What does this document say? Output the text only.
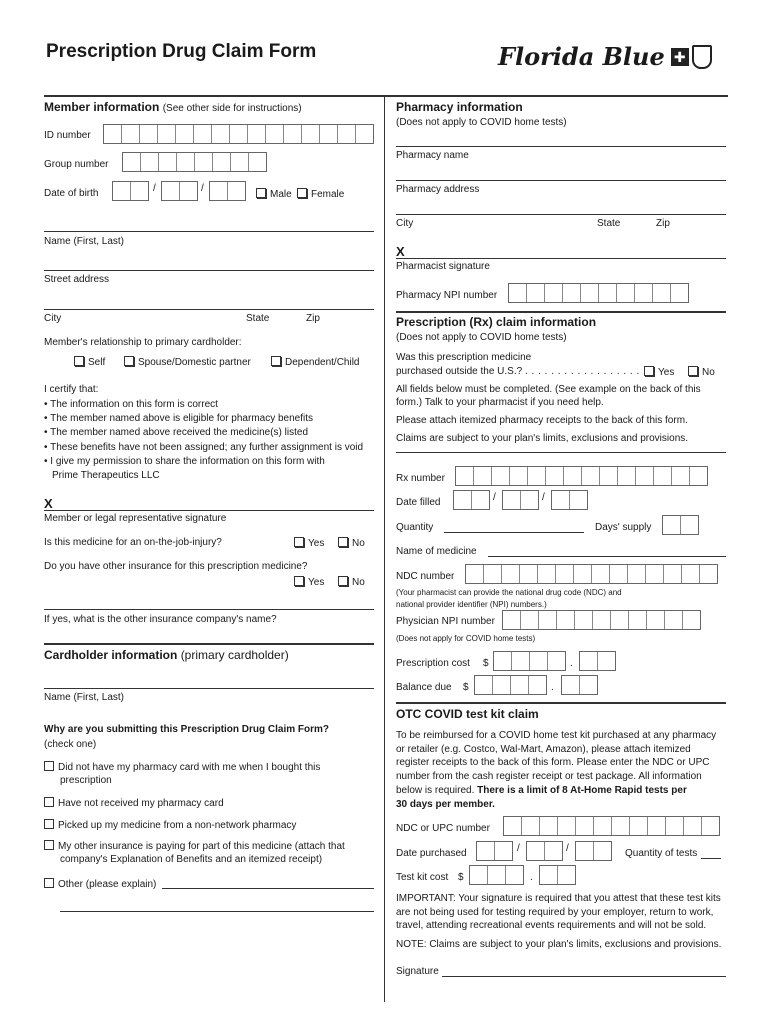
Prescription Drug Claim Form	Florida Blue ✚
Member information (See other side for instructions)
ID number
Group number
Date of birth	/	/
Male	Female
Name (First, Last)
Street address
City	State	Zip
Member's relationship to primary cardholder:
Self	Spouse/Domestic partner	Dependent/Child
I certify that:
• The information on this form is correct
• The member named above is eligible for pharmacy benefits
• The member named above received the medicine(s) listed
• These benefits have not been assigned; any further assignment is void
• I give my permission to share the information on this form with
Prime Therapeutics LLC
X
Member or legal representative signature
Is this medicine for an on-the-job-injury?	Yes	No
Do you have other insurance for this prescription medicine?
Yes	No
If yes, what is the other insurance company's name?
Cardholder information (primary cardholder)
Name (First, Last)
Why are you submitting this Prescription Drug Claim Form?
(check one)
Did not have my pharmacy card with me when I bought this
prescription
Have not received my pharmacy card
Picked up my medicine from a non-network pharmacy
My other insurance is paying for part of this medicine (attach that
company's Explanation of Benefits and an itemized receipt)
Other (please explain)
Pharmacy information
(Does not apply to COVID home tests)
Pharmacy name
Pharmacy address
City	State	Zip
X
Pharmacist signature
Pharmacy NPI number
Prescription (Rx) claim information
(Does not apply to COVID home tests)
Was this prescription medicine
purchased outside the U.S.? . . . . . . . . . . . . . . . . . . .	Yes	No
All fields below must be completed. (See example on the back of this
form.) Talk to your pharmacist if you need help.
Please attach itemized pharmacy receipts to the back of this form.
Claims are subject to your plan's limits, exclusions and provisions.
Rx number
Date filled	/	/
Quantity	Days' supply
Name of medicine
NDC number
(Your pharmacist can provide the national drug code (NDC) and
national provider identifier (NPI) numbers.)
Physician NPI number
(Does not apply for COVID home tests)
Prescription cost $	.
Balance due $	.
OTC COVID test kit claim
To be reimbursed for a COVID home test kit purchased at any pharmacy
or retailer (e.g. Costco, Wal-Mart, Amazon), please attach itemized
register receipts to the back of this form. Please enter the NDC or UPC
number from the cash register receipt or test package. All information
below is required. There is a limit of 8 At-Home Rapid tests per
30 days per member.
NDC or UPC number
Date purchased	/	/	Quantity of tests
Test kit cost $	.
IMPORTANT: Your signature is required that you attest that these test kits
are not being used for testing required by your employer, return to work,
travel, attending recreational events requirements and will not be sold.
NOTE: Claims are subject to your plan's limits, exclusions and provisions.
Signature
